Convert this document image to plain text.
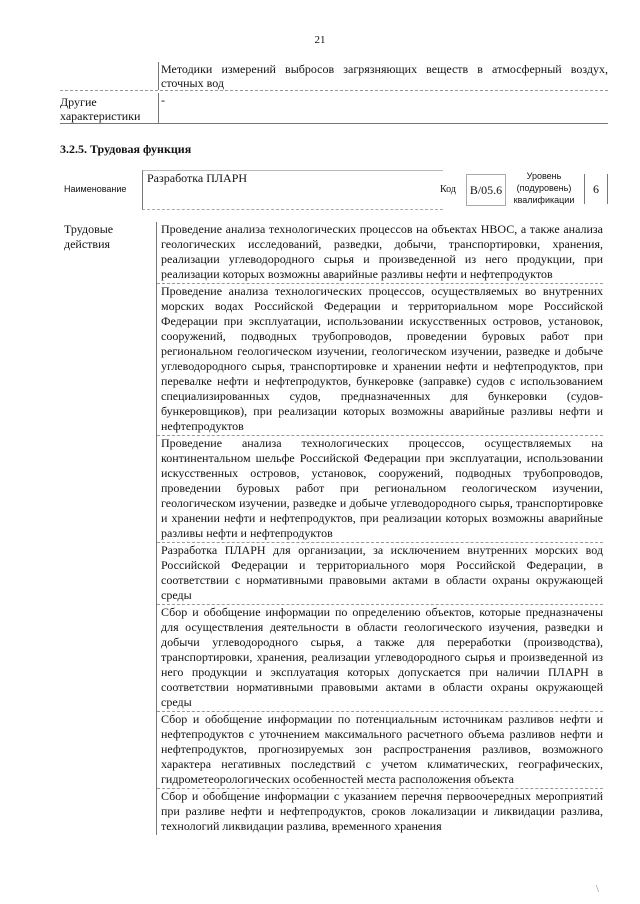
21
Методики измерений выбросов загрязняющих веществ в атмосферный воздух, сточных вод
Другие характеристики
-
3.2.5. Трудовая функция
Наименование
Разработка ПЛАРН
Код	В/05.6
Уровень (подуровень) квалификации
6
Трудовые действия
Проведение анализа технологических процессов на объектах НВОС, а также анализа геологических исследований, разведки, добычи, транспортировки, хранения, реализации углеводородного сырья и произведенной из него продукции, при реализации которых возможны аварийные разливы нефти и нефтепродуктов
Проведение анализа технологических процессов, осуществляемых во внутренних морских водах Российской Федерации и территориальном море Российской Федерации при эксплуатации, использовании искусственных островов, установок, сооружений, подводных трубопроводов, проведении буровых работ при региональном геологическом изучении, геологическом изучении, разведке и добыче углеводородного сырья, транспортировке и хранении нефти и нефтепродуктов, при перевалке нефти и нефтепродуктов, бункеровке (заправке) судов с использованием специализированных судов, предназначенных для бункеровки (судов-бункеровщиков), при реализации которых возможны аварийные разливы нефти и нефтепродуктов
Проведение анализа технологических процессов, осуществляемых на континентальном шельфе Российской Федерации при эксплуатации, использовании искусственных островов, установок, сооружений, подводных трубопроводов, проведении буровых работ при региональном геологическом изучении, геологическом изучении, разведке и добыче углеводородного сырья, транспортировке и хранении нефти и нефтепродуктов, при реализации которых возможны аварийные разливы нефти и нефтепродуктов
Разработка ПЛАРН для организации, за исключением внутренних морских вод Российской Федерации и территориального моря Российской Федерации, в соответствии с нормативными правовыми актами в области охраны окружающей среды
Сбор и обобщение информации по определению объектов, которые предназначены для осуществления деятельности в области геологического изучения, разведки и добычи углеводородного сырья, а также для переработки (производства), транспортировки, хранения, реализации углеводородного сырья и произведенной из него продукции и эксплуатация которых допускается при наличии ПЛАРН в соответствии нормативными правовыми актами в области охраны окружающей среды
Сбор и обобщение информации по потенциальным источникам разливов нефти и нефтепродуктов с уточнением максимального расчетного объема разливов нефти и нефтепродуктов, прогнозируемых зон распространения разливов, возможного характера негативных последствий с учетом климатических, географических, гидрометеорологических особенностей места расположения объекта
Сбор и обобщение информации с указанием перечня первоочередных мероприятий при разливе нефти и нефтепродуктов, сроков локализации и ликвидации разлива, технологий ликвидации разлива, временного хранения
\
